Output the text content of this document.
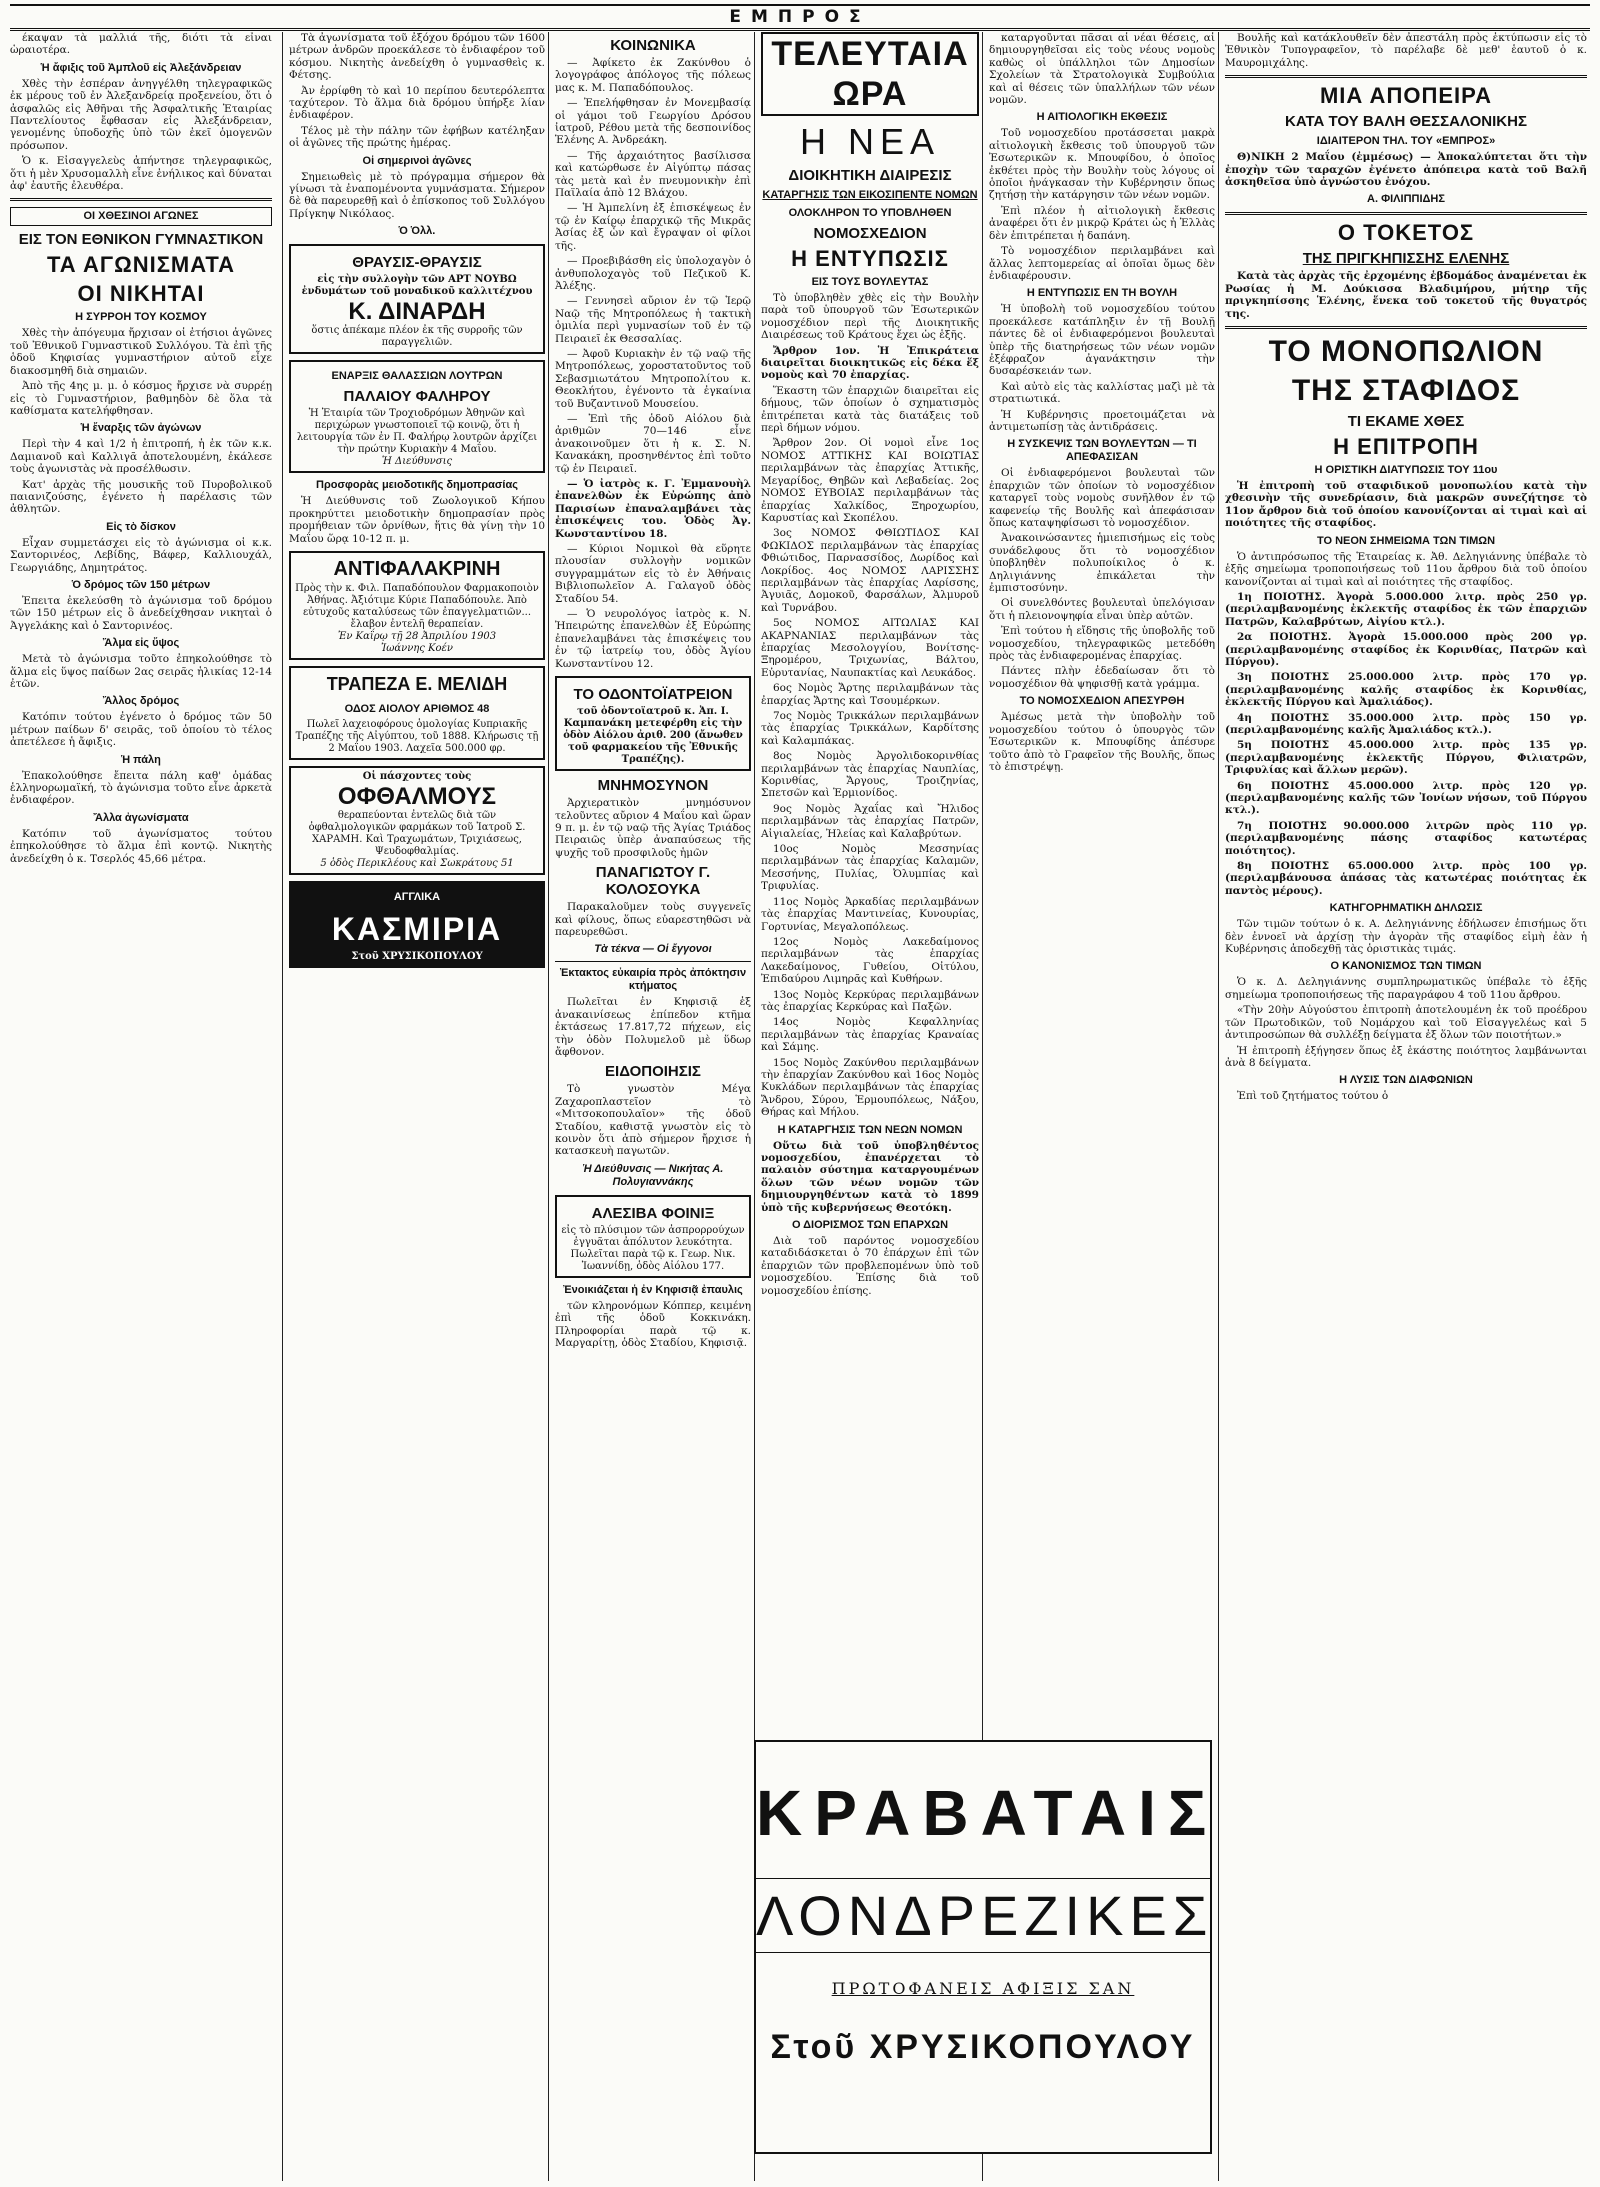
ΕΜΠΡΟΣ

έκαψαν τὰ μαλλιά τῆς, διότι τὰ εἶναι ὡραιοτέρα.

Ἡ ἄφιξις τοῦ Ἀμπλοῦ εἰς Ἀλεξάνδρειαν

Χθὲς τὴν ἑσπέραν ἀνηγγέλθη τηλεγραφικῶς ἐκ μέρους τοῦ ἐν Ἀλεξανδρείᾳ προξενείου, ὅτι ὁ ἀσφαλῶς εἰς Ἀθῆναι τῆς Ἀσφαλτικῆς Ἑταιρίας Παντελίουτος ἔφθασαν εἰς Ἀλεξάνδρειαν, γενομένης ὑποδοχῆς ὑπὸ τῶν ἐκεῖ ὁμογενῶν πρόσωπον.

Ὁ κ. Εἰσαγγελεὺς ἀπήντησε τηλεγραφικῶς, ὅτι ἡ μὲν Χρυσομαλλὴ εἶνε ἐνήλικος καὶ δύναται ἀφ' ἑαυτῆς ἐλευθέρα.

ΟΙ ΧΘΕΣΙΝΟΙ ΑΓΩΝΕΣ
ΕΙΣ ΤΟΝ ΕΘΝΙΚΟΝ ΓΥΜΝΑΣΤΙΚΟΝ
ΤΑ ΑΓΩΝΙΣΜΑΤΑ
ΟΙ ΝΙΚΗΤΑΙ
Η ΣΥΡΡΟΗ ΤΟΥ ΚΟΣΜΟΥ

Χθὲς τὴν ἀπόγευμα ἤρχισαν οἱ ἐτήσιοι ἀγῶνες τοῦ Ἐθνικοῦ Γυμναστικοῦ Συλλόγου. Τὰ ἐπὶ τῆς ὁδοῦ Κηφισίας γυμναστήριον αὐτοῦ εἶχε διακοσμηθῆ διὰ σημαιῶν.

Ἀπὸ τῆς 4ης μ. μ. ὁ κόσμος ἤρχισε νὰ συρρέῃ εἰς τὸ Γυμναστήριον, βαθμηδὸν δὲ ὅλα τὰ καθίσματα κατελήφθησαν.

Ἡ ἔναρξις τῶν ἀγώνων

Περὶ τὴν 4 καὶ 1/2 ἡ ἐπιτροπή, ἡ ἐκ τῶν κ.κ. Δαμιανοῦ καὶ Καλλιγᾶ ἀποτελουμένη, ἐκάλεσε τοὺς ἀγωνιστὰς νὰ προσέλθωσιν.

Κατ' ἀρχὰς τῆς μουσικῆς τοῦ Πυροβολικοῦ παιανιζούσης, ἐγένετο ἡ παρέλασις τῶν ἀθλητῶν.

Εἰς τὸ δίσκον

Εἶχαν συμμετάσχει εἰς τὸ ἀγώνισμα οἱ κ.κ. Σαντορινέος, Λεβίδης, Βάφερ, Καλλιουχάλ, Γεωργιάδης, Δημητράτος.

Ὁ δρόμος τῶν 150 μέτρων

Ἐπειτα ἐκελεύσθη τὸ ἀγώνισμα τοῦ δρόμου τῶν 150 μέτρων εἰς ὃ ἀνεδείχθησαν νικηταὶ ὁ Ἀγγελάκης καὶ ὁ Σαντορινέος.

Ἅλμα εἰς ὕψος

Μετὰ τὸ ἀγώνισμα τοῦτο ἐπηκολούθησε τὸ ἅλμα εἰς ὕψος παίδων 2ας σειρᾶς ἡλικίας 12-14 ἐτῶν.

Ἄλλος δρόμος

Κατόπιν τούτου ἐγένετο ὁ δρόμος τῶν 50 μέτρων παίδων δ' σειρᾶς, τοῦ ὁποίου τὸ τέλος ἀπετέλεσε ἡ ἄφιξις.

Ἡ πάλη

Ἐπακολούθησε ἔπειτα πάλη καθ' ὁμάδας ἑλληνορωμαϊκή, τὸ ἀγώνισμα τοῦτο εἶνε ἀρκετὰ ἐνδιαφέρον.

Ἄλλα ἀγωνίσματα

Κατόπιν τοῦ ἀγωνίσματος τούτου ἐπηκολούθησε τὸ ἅλμα ἐπὶ κοντῷ. Νικητὴς ἀνεδείχθη ὁ κ. Τσερλός 45,66 μέτρα.

Τὰ ἀγωνίσματα τοῦ ἐξόχου δρόμου τῶν 1600 μέτρων ἀνδρῶν προεκάλεσε τὸ ἐνδιαφέρον τοῦ κόσμου. Νικητὴς ἀνεδείχθη ὁ γυμνασθεὶς κ. Φέτσης.

Ἀν ἐρρίφθη τὸ καὶ 10 περίπου δευτερόλεπτα ταχύτερον. Τὸ ἅλμα διὰ δρόμου ὑπήρξε λίαν ἐνδιαφέρον.

Τέλος μὲ τὴν πάλην τῶν ἐφήβων κατέληξαν οἱ ἀγῶνες τῆς πρώτης ἡμέρας.

Οἱ σημερινοὶ ἀγῶνες

Σημειωθεὶς μὲ τὸ πρόγραμμα σήμερον θὰ γίνωσι τὰ ἐναπομένοντα γυμνάσματα. Σήμερον δὲ θὰ παρευρεθῇ καὶ ὁ ἐπίσκοπος τοῦ Συλλόγου Πρίγκηψ Νικόλαος.

Ὁ Ὁλλ.
ΘΡΑΥΣΙΣ-ΘΡΑΥΣΙΣ
εἰς τὴν συλλογὴν τῶν ΑΡΤ ΝΟΥΒΩ ἐνδυμάτων τοῦ μοναδικοῦ καλλιτέχνου
Κ. ΔΙΝΑΡΔΗ
ὅστις ἀπέκαμε πλέον ἐκ τῆς συρροῆς τῶν παραγγελιῶν.
ΕΝΑΡΞΙΣ ΘΑΛΑΣΣΙΩΝ ΛΟΥΤΡΩΝ
ΠΑΛΑΙΟΥ ΦΑΛΗΡΟΥ
Ἡ Ἑταιρία τῶν Τροχιοδρόμων Ἀθηνῶν καὶ περιχώρων γνωστοποιεῖ τῷ κοινῷ, ὅτι ἡ λειτουργία τῶν ἐν Π. Φαλήρῳ λουτρῶν ἀρχίζει τὴν πρώτην Κυριακὴν 4 Μαΐου.
Ἡ Διεύθυνσις
Προσφορὰς μειοδοτικῆς δημοπρασίας

Ἡ Διεύθυνσις τοῦ Ζωολογικοῦ Κήπου προκηρύττει μειοδοτικὴν δημοπρασίαν πρὸς προμήθειαν τῶν ὀρνίθων, ἥτις θὰ γίνῃ τὴν 10 Μαΐου ὥρᾳ 10-12 π. μ.

ΑΝΤΙΦΑΛΑΚΡΙΝΗ
Πρὸς τὴν κ. Φιλ. Παπαδόπουλον Φαρμακοποιὸν Ἀθήνας. Ἀξιότιμε Κύριε Παπαδόπουλε. Ἀπὸ εὐτυχοῦς καταλύσεως τῶν ἐπαγγελματιῶν... ἔλαβον ἐντελῆ θεραπείαν.
Ἐν Καΐρῳ τῇ 28 Ἀπριλίου 1903
Ἰωάννης Κοέν
ΤΡΑΠΕΖΑ Ε. ΜΕΛΙΔΗ
ΟΔΟΣ ΑΙΟΛΟΥ ΑΡΙΘΜΟΣ 48
Πωλεῖ λαχειοφόρους ὁμολογίας Κυπριακῆς Τραπέζης τῆς Αἰγύπτου, τοῦ 1888. Κλήρωσις τῇ 2 Μαΐου 1903. Λαχεῖα 500.000 φρ.
Οἱ πάσχοντες τοὺς
ΟΦΘΑΛΜΟΥΣ
θεραπεύονται ἐντελῶς διὰ τῶν ὀφθαλμολογικῶν φαρμάκων τοῦ Ἰατροῦ Σ. ΧΑΡΑΜΗ. Καὶ Τραχωμάτων, Τριχιάσεως, Ψευδοφθαλμίας.
5 ὁδὸς Περικλέους καὶ Σωκράτους 51
ΑΓΓΛΙΚΑ
ΚΑΣΜΙΡΙΑ
Στοῦ ΧΡΥΣΙΚΟΠΟΥΛΟΥ
ΚΟΙΝΩΝΙΚΑ

— Ἀφίκετο ἐκ Ζακύνθου ὁ λογογράφος ἀπόλογος τῆς πόλεως μας κ. Μ. Παπαδόπουλος.

— Ἐπελήφθησαν ἐν Μονεμβασίᾳ οἱ γάμοι τοῦ Γεωργίου Δρόσου ἰατροῦ, Ρέθου μετὰ τῆς δεσποινίδος Ἑλένης Α. Ἀνδρεάκη.

— Τῆς ἀρχαιότητος βασίλισσα καὶ κατώρθωσε ἐν Αἰγύπτῳ πάσας τὰς μετὰ καὶ ἐν πνευμονικὴν ἐπὶ Παϊλαία ἀπὸ 12 Βλάχου.

— Ἡ Ἀμπελίνη ἐξ ἐπισκέψεως ἐν τῷ ἐν Καίρῳ ἐπαρχικῷ τῆς Μικρᾶς Ἀσίας ἐξ ὧν καὶ ἔγραψαν οἱ φίλοι τῆς.

— Προεβιβάσθη εἰς ὑπολοχαγὸν ὁ ἀνθυπολοχαγὸς τοῦ Πεζικοῦ Κ. Ἀλέξης.

— Γεννησεὶ αὔριον ἐν τῷ Ἱερῷ Ναῷ τῆς Μητροπόλεως ἡ τακτικὴ ὁμιλία περὶ γυμνασίων τοῦ ἐν τῷ Πειραιεῖ ἐκ Θεσσαλίας.

— Ἀφοῦ Κυριακὴν ἐν τῷ ναῷ τῆς Μητροπόλεως, χοροστατοῦντος τοῦ Σεβασμιωτάτου Μητροπολίτου κ. Θεοκλήτου, ἐγένοντο τὰ ἐγκαίνια τοῦ Βυζαντινοῦ Μουσείου.

— Ἐπὶ τῆς ὁδοῦ Αἰόλου διὰ ἀριθμῶν 70—146 εἶνε ἀνακοινοῦμεν ὅτι ἡ κ. Σ. Ν. Κανακάκη, προσηνθέντος ἐπὶ τοῦτο τῷ ἐν Πειραιεῖ.

— Ὁ ἰατρὸς κ. Γ. Ἐμμανουὴλ ἐπανελθὼν ἐκ Εὐρώπης ἀπὸ Παρισίων ἐπαναλαμβάνει τὰς ἐπισκέψεις του. Ὁδὸς Ἀγ. Κωνσταντίνου 18.

— Κύριοι Νομικοὶ θὰ εὕρητε πλουσίαν συλλογὴν νομικῶν συγγραμμάτων εἰς τὸ ἐν Ἀθήναις Βιβλιοπωλεῖον Α. Γαλαγοῦ ὁδὸς Σταδίου 54.

— Ὁ νευρολόγος ἰατρὸς κ. Ν. Ἠπειρώτης ἐπανελθὼν ἐξ Εὐρώπης ἐπανελαμβάνει τὰς ἐπισκέψεις του ἐν τῷ ἰατρείῳ του, ὁδὸς Ἁγίου Κωνσταντίνου 12.

ΤΟ ΟΔΟΝΤΟΪΑΤΡΕΙΟΝ
τοῦ ὀδοντοϊατροῦ κ. Ἀπ. Ι. Καμπανάκη μετεφέρθη εἰς τὴν ὁδὸν Αἰόλου ἀριθ. 200 (ἄνωθεν τοῦ φαρμακείου τῆς Ἐθνικῆς Τραπέζης).
ΜΝΗΜΟΣΥΝΟΝ

Ἀρχιερατικὸν μνημόσυνον τελοῦντες αὔριον 4 Μαΐου καὶ ὥραν 9 π. μ. ἐν τῷ ναῷ τῆς Ἁγίας Τριάδος Πειραιῶς ὑπὲρ ἀναπαύσεως τῆς ψυχῆς τοῦ προσφιλοῦς ἡμῶν

ΠΑΝΑΓΙΩΤΟΥ Γ. ΚΟΛΟΣΟΥΚΑ

Παρακαλοῦμεν τοὺς συγγενεῖς καὶ φίλους, ὅπως εὐαρεστηθῶσι νὰ παρευρεθῶσι.

Τὰ τέκνα — Οἱ ἔγγονοι
Ἐκτακτος εὐκαιρία πρὸς ἀπόκτησιν κτήματος

Πωλεῖται ἐν Κηφισιᾷ ἐξ ἀνακαινίσεως ἐπίπεδον κτῆμα ἐκτάσεως 17.817,72 πήχεων, εἰς τὴν ὁδὸν Πολυμελοῦ μὲ ὕδωρ ἄφθονον.

ΕΙΔΟΠΟΙΗΣΙΣ

Τὸ γνωστὸν Μέγα Ζαχαροπλαστεῖον τὸ «Μιτσοκοπουλαῖον» τῆς ὁδοῦ Σταδίου, καθιστᾷ γνωστὸν εἰς τὸ κοινὸν ὅτι ἀπὸ σήμερον ἤρχισε ἡ κατασκευὴ παγωτῶν.

Ἡ Διεύθυνσις — Νικήτας Α. Πολυγιαννάκης
ΑΛΕΣΙΒΑ ΦΟΙΝΙΞ
εἰς τὸ πλύσιμον τῶν ἀσπρορρούχων ἐγγυᾶται ἀπόλυτον λευκότητα. Πωλεῖται παρὰ τῷ κ. Γεωρ. Νικ. Ἰωαννίδῃ, ὁδὸς Αἰόλου 177.
Ἐνοικιάζεται ἡ ἐν Κηφισιᾷ ἐπαυλις

τῶν κληρονόμων Κόππερ, κειμένη ἐπὶ τῆς ὁδοῦ Κοκκινάκη. Πληροφορίαι παρὰ τῷ κ. Μαργαρίτῃ, ὁδὸς Σταδίου, Κηφισιᾷ.

ΤΕΛΕΥΤΑΙΑ ΩΡΑ
Η ΝΕΑ
ΔΙΟΙΚΗΤΙΚΗ ΔΙΑΙΡΕΣΙΣ
ΚΑΤΑΡΓΗΣΙΣ ΤΩΝ ΕΙΚΟΣΙΠΕΝΤΕ ΝΟΜΩΝ
ΟΛΟΚΛΗΡΟΝ ΤΟ ΥΠΟΒΛΗΘΕΝ
ΝΟΜΟΣΧΕΔΙΟΝ
Η ΕΝΤΥΠΩΣΙΣ
ΕΙΣ ΤΟΥΣ ΒΟΥΛΕΥΤΑΣ

Τὸ ὑποβληθὲν χθὲς εἰς τὴν Βουλὴν παρὰ τοῦ ὑπουργοῦ τῶν Ἐσωτερικῶν νομοσχέδιον περὶ τῆς Διοικητικῆς Διαιρέσεως τοῦ Κράτους ἔχει ὡς ἑξῆς.

Ἄρθρον 1ον. Ἡ Ἐπικράτεια διαιρεῖται διοικητικῶς εἰς δέκα ἕξ νομοὺς καὶ 70 ἐπαρχίας.

Ἕκαστη τῶν ἐπαρχιῶν διαιρεῖται εἰς δήμους, τῶν ὁποίων ὁ σχηματισμὸς ἐπιτρέπεται κατὰ τὰς διατάξεις τοῦ περὶ δήμων νόμου.

Ἄρθρον 2ον. Οἱ νομοὶ εἶνε 1ος ΝΟΜΟΣ ΑΤΤΙΚΗΣ ΚΑΙ ΒΟΙΩΤΙΑΣ περιλαμβάνων τὰς ἐπαρχίας Ἀττικῆς, Μεγαρίδος, Θηβῶν καὶ Λεβαδείας. 2ος ΝΟΜΟΣ ΕΥΒΟΙΑΣ περιλαμβάνων τὰς ἐπαρχίας Χαλκίδος, Ξηροχωρίου, Καρυστίας καὶ Σκοπέλου.

3ος ΝΟΜΟΣ ΦΘΙΩΤΙΔΟΣ ΚΑΙ ΦΩΚΙΔΟΣ περιλαμβάνων τὰς ἐπαρχίας Φθιώτιδος, Παρνασσίδος, Δωρίδος καὶ Λοκρίδος. 4ος ΝΟΜΟΣ ΛΑΡΙΣΣΗΣ περιλαμβάνων τὰς ἐπαρχίας Λαρίσσης, Ἀγυιᾶς, Δομοκοῦ, Φαρσάλων, Ἀλμυροῦ καὶ Τυρνάβου.

5ος ΝΟΜΟΣ ΑΙΤΩΛΙΑΣ ΚΑΙ ΑΚΑΡΝΑΝΙΑΣ περιλαμβάνων τὰς ἐπαρχίας Μεσολογγίου, Βονίτσης-Ξηρομέρου, Τριχωνίας, Βάλτου, Εὐρυτανίας, Ναυπακτίας καὶ Λευκάδος.

6ος Νομὸς Ἄρτης περιλαμβάνων τὰς ἐπαρχίας Ἄρτης καὶ Τσουμέρκων.

7ος Νομὸς Τρικκάλων περιλαμβάνων τὰς ἐπαρχίας Τρικκάλων, Καρδίτσης καὶ Καλαμπάκας.

8ος Νομὸς Ἀργολιδοκορινθίας περιλαμβάνων τὰς ἐπαρχίας Ναυπλίας, Κορινθίας, Ἄργους, Τροιζηνίας, Σπετσῶν καὶ Ἑρμιονίδος.

9ος Νομὸς Ἀχαΐας καὶ Ἤλιδος περιλαμβάνων τὰς ἐπαρχίας Πατρῶν, Αἰγιαλείας, Ἠλείας καὶ Καλαβρύτων.

10ος Νομὸς Μεσσηνίας περιλαμβάνων τὰς ἐπαρχίας Καλαμῶν, Μεσσήνης, Πυλίας, Ὀλυμπίας καὶ Τριφυλίας.

11ος Νομὸς Ἀρκαδίας περιλαμβάνων τὰς ἐπαρχίας Μαντινείας, Κυνουρίας, Γορτυνίας, Μεγαλοπόλεως.

12ος Νομὸς Λακεδαίμονος περιλαμβάνων τὰς ἐπαρχίας Λακεδαίμονος, Γυθείου, Οἰτύλου, Ἐπιδαύρου Λιμηρᾶς καὶ Κυθήρων.

13ος Νομὸς Κερκύρας περιλαμβάνων τὰς ἐπαρχίας Κερκύρας καὶ Παξῶν.

14ος Νομὸς Κεφαλληνίας περιλαμβάνων τὰς ἐπαρχίας Κραναίας καὶ Σάμης.

15ος Νομὸς Ζακύνθου περιλαμβάνων τὴν ἐπαρχίαν Ζακύνθου καὶ 16ος Νομὸς Κυκλάδων περιλαμβάνων τὰς ἐπαρχίας Ἄνδρου, Σύρου, Ἑρμουπόλεως, Νάξου, Θήρας καὶ Μήλου.

Η ΚΑΤΑΡΓΗΣΙΣ ΤΩΝ ΝΕΩΝ ΝΟΜΩΝ

Οὕτω διὰ τοῦ ὑποβληθέντος νομοσχεδίου, ἐπανέρχεται τὸ παλαιὸν σύστημα καταργουμένων ὅλων τῶν νέων νομῶν τῶν δημιουργηθέντων κατὰ τὸ 1899 ὑπὸ τῆς κυβερνήσεως Θεοτόκη.

Ο ΔΙΟΡΙΣΜΟΣ ΤΩΝ ΕΠΑΡΧΩΝ

Διὰ τοῦ παρόντος νομοσχεδίου καταδιδάσκεται ὁ 70 ἐπάρχων ἐπὶ τῶν ἐπαρχιῶν τῶν προβλεπομένων ὑπὸ τοῦ νομοσχεδίου. Ἐπίσης διὰ τοῦ νομοσχεδίου ἐπίσης.

καταργοῦνται πᾶσαι αἱ νέαι θέσεις, αἱ δημιουργηθεῖσαι εἰς τοὺς νέους νομοὺς καθὼς οἱ ὑπάλληλοι τῶν Δημοσίων Σχολείων τὰ Στρατολογικὰ Συμβούλια καὶ αἱ θέσεις τῶν ὑπαλλήλων τῶν νέων νομῶν.

Η ΑΙΤΙΟΛΟΓΙΚΗ ΕΚΘΕΣΙΣ

Τοῦ νομοσχεδίου προτάσσεται μακρὰ αἰτιολογικὴ ἔκθεσις τοῦ ὑπουργοῦ τῶν Ἐσωτερικῶν κ. Μπουφίδου, ὁ ὁποῖος ἐκθέτει πρὸς τὴν Βουλὴν τοὺς λόγους οἱ ὁποῖοι ἠνάγκασαν τὴν Κυβέρνησιν ὅπως ζητήσῃ τὴν κατάργησιν τῶν νέων νομῶν.

Ἐπὶ πλέον ἡ αἰτιολογικὴ ἔκθεσις ἀναφέρει ὅτι ἐν μικρῷ Κράτει ὡς ἡ Ἑλλὰς δὲν ἐπιτρέπεται ἡ δαπάνη.

Τὸ νομοσχέδιον περιλαμβάνει καὶ ἄλλας λεπτομερείας αἱ ὁποῖαι ὅμως δὲν ἐνδιαφέρουσιν.

Η ΕΝΤΥΠΩΣΙΣ ΕΝ ΤΗ ΒΟΥΛΗ

Ἡ ὑποβολὴ τοῦ νομοσχεδίου τούτου προεκάλεσε κατάπληξιν ἐν τῇ Βουλῇ πάντες δὲ οἱ ἐνδιαφερόμενοι βουλευταὶ ὑπὲρ τῆς διατηρήσεως τῶν νέων νομῶν ἐξέφραζον ἀγανάκτησιν τὴν δυσαρέσκειάν των.

Καὶ αὐτὸ εἰς τὰς καλλίστας μαζὶ μὲ τὰ στρατιωτικά.

Ἡ Κυβέρνησις προετοιμάζεται νὰ ἀντιμετωπίσῃ τὰς ἀντιδράσεις.

Η ΣΥΣΚΕΨΙΣ ΤΩΝ ΒΟΥΛΕΥΤΩΝ — ΤΙ ΑΠΕΦΑΣΙΣΑΝ

Οἱ ἐνδιαφερόμενοι βουλευταὶ τῶν ἐπαρχιῶν τῶν ὁποίων τὸ νομοσχέδιον καταργεῖ τοὺς νομοὺς συνῆλθον ἐν τῷ καφενείῳ τῆς Βουλῆς καὶ ἀπεφάσισαν ὅπως καταψηφίσωσι τὸ νομοσχέδιον.

Ἀνακοινώσαντες ἡμιεπισήμως εἰς τοὺς συνάδελφους ὅτι τὸ νομοσχέδιον ὑποβληθὲν πολυποίκιλος ὁ κ. Δηλιγιάννης ἐπικάλεται τὴν ἐμπιστοσύνην.

Οἱ συνελθόντες βουλευταὶ ὑπελόγισαν ὅτι ἡ πλειονοψηφία εἶναι ὑπὲρ αὐτῶν.

Ἐπὶ τούτου ἡ εἴδησις τῆς ὑποβολῆς τοῦ νομοσχεδίου, τηλεγραφικῶς μετεδόθη πρὸς τὰς ἐνδιαφερομένας ἐπαρχίας.

Πάντες πλὴν ἐδεδαίωσαν ὅτι τὸ νομοσχέδιον θὰ ψηφισθῇ κατὰ γράμμα.

ΤΟ ΝΟΜΟΣΧΕΔΙΟΝ ΑΠΕΣΥΡΘΗ

Ἀμέσως μετὰ τὴν ὑποβολὴν τοῦ νομοσχεδίου τούτου ὁ ὑπουργὸς τῶν Ἐσωτερικῶν κ. Μπουφίδης ἀπέσυρε τοῦτο ἀπὸ τὸ Γραφεῖον τῆς Βουλῆς, ὅπως τὸ ἐπιστρέψῃ.

Βουλῆς καὶ κατάκλουθεῖν δὲν ἀπεστάλη πρὸς ἐκτύπωσιν εἰς τὸ Ἐθνικὸν Τυπογραφεῖον, τὸ παρέλαβε δὲ μεθ' ἑαυτοῦ ὁ κ. Μαυρομιχάλης.

ΜΙΑ ΑΠΟΠΕΙΡΑ
ΚΑΤΑ ΤΟΥ ΒΑΛΗ ΘΕΣΣΑΛΟΝΙΚΗΣ
ΙΔΙΑΙΤΕΡΟΝ ΤΗΛ. ΤΟΥ «ΕΜΠΡΟΣ»

Θ)ΝΙΚΗ 2 Μαΐου (ἐμμέσως) — Ἀποκαλύπτεται ὅτι τὴν ἐποχὴν τῶν ταραχῶν ἐγένετο ἀπόπειρα κατὰ τοῦ Βαλῆ ἀσκηθεῖσα ὑπὸ ἀγνώστου ἐνόχου.

Α. ΦΙΛΙΠΠΙΔΗΣ
Ο ΤΟΚΕΤΟΣ
ΤΗΣ ΠΡΙΓΚΗΠΙΣΣΗΣ ΕΛΕΝΗΣ

Κατὰ τὰς ἀρχὰς τῆς ἐρχομένης ἑβδομάδος ἀναμένεται ἐκ Ρωσίας ἡ Μ. Δούκισσα Βλαδιμήρου, μήτηρ τῆς πριγκηπίσσης Ἑλένης, ἕνεκα τοῦ τοκετοῦ τῆς θυγατρός της.

ΤΟ ΜΟΝΟΠΩΛΙΟΝ
ΤΗΣ ΣΤΑΦΙΔΟΣ
ΤΙ ΕΚΑΜΕ ΧΘΕΣ
Η ΕΠΙΤΡΟΠΗ
Η ΟΡΙΣΤΙΚΗ ΔΙΑΤΥΠΩΣΙΣ ΤΟΥ 11ου

Ἡ ἐπιτροπὴ τοῦ σταφιδικοῦ μονοπωλίου κατὰ τὴν χθεσινὴν τῆς συνεδρίασιν, διὰ μακρῶν συνεζήτησε τὸ 11ον ἄρθρον διὰ τοῦ ὁποίου κανονίζονται αἱ τιμαὶ καὶ αἱ ποιότητες τῆς σταφίδος.

ΤΟ ΝΕΟΝ ΣΗΜΕΙΩΜΑ ΤΩΝ ΤΙΜΩΝ

Ὁ ἀντιπρόσωπος τῆς Ἑταιρείας κ. Ἀθ. Δεληγιάννης ὑπέβαλε τὸ ἑξῆς σημείωμα τροποποιήσεως τοῦ 11ου ἄρθρου διὰ τοῦ ὁποίου κανονίζονται αἱ τιμαὶ καὶ αἱ ποιότητες τῆς σταφίδος.

1η ΠΟΙΟΤΗΣ. Ἀγορὰ 5.000.000 λιτρ. πρὸς 250 γρ. (περιλαμβανομένης ἐκλεκτῆς σταφίδος ἐκ τῶν ἐπαρχιῶν Πατρῶν, Καλαβρύτων, Αἰγίου κτλ.).

2α ΠΟΙΟΤΗΣ. Ἀγορὰ 15.000.000 πρὸς 200 γρ. (περιλαμβανομένης σταφίδος ἐκ Κορινθίας, Πατρῶν καὶ Πύργου).

3η ΠΟΙΟΤΗΣ 25.000.000 λιτρ. πρὸς 170 γρ. (περιλαμβανομένης καλῆς σταφίδος ἐκ Κορινθίας, ἐκλεκτῆς Πύργου καὶ Ἀμαλιάδος).

4η ΠΟΙΟΤΗΣ 35.000.000 λιτρ. πρὸς 150 γρ. (περιλαμβανομένης καλῆς Ἀμαλιάδος κτλ.).

5η ΠΟΙΟΤΗΣ 45.000.000 λιτρ. πρὸς 135 γρ. (περιλαμβανομένης ἐκλεκτῆς Πύργου, Φιλιατρῶν, Τριφυλίας καὶ ἄλλων μερῶν).

6η ΠΟΙΟΤΗΣ 45.000.000 λιτρ. πρὸς 120 γρ. (περιλαμβανομένης καλῆς τῶν Ἰονίων νήσων, τοῦ Πύργου κτλ.).

7η ΠΟΙΟΤΗΣ 90.000.000 λιτρῶν πρὸς 110 γρ. (περιλαμβανομένης πάσης σταφίδος κατωτέρας ποιότητος).

8η ΠΟΙΟΤΗΣ 65.000.000 λιτρ. πρὸς 100 γρ. (περιλαμβάνουσα ἁπάσας τὰς κατωτέρας ποιότητας ἐκ παντὸς μέρους).

ΚΑΤΗΓΟΡΗΜΑΤΙΚΗ ΔΗΛΩΣΙΣ

Τῶν τιμῶν τούτων ὁ κ. Α. Δεληγιάννης ἐδήλωσεν ἐπισήμως ὅτι δὲν ἐννοεῖ νὰ ἀρχίσῃ τὴν ἀγορὰν τῆς σταφίδος εἰμὴ ἐὰν ἡ Κυβέρνησις ἀποδεχθῇ τὰς ὁριστικὰς τιμάς.

Ο ΚΑΝΟΝΙΣΜΟΣ ΤΩΝ ΤΙΜΩΝ

Ὁ κ. Δ. Δεληγιάννης συμπληρωματικῶς ὑπέβαλε τὸ ἑξῆς σημείωμα τροποποιήσεως τῆς παραγράφου 4 τοῦ 11ου ἄρθρου.

«Τὴν 20ὴν Αὐγούστου ἐπιτροπὴ ἀποτελουμένη ἐκ τοῦ προέδρου τῶν Πρωτοδικῶν, τοῦ Νομάρχου καὶ τοῦ Εἰσαγγελέως καὶ 5 ἀντιπροσώπων θὰ συλλέξῃ δείγματα ἐξ ὅλων τῶν ποιοτήτων.»

Ἡ ἐπιτροπὴ ἐξήγησεν ὅπως ἐξ ἑκάστης ποιότητος λαμβάνωνται ἀνὰ 8 δείγματα.

Η ΛΥΣΙΣ ΤΩΝ ΔΙΑΦΩΝΙΩΝ

Ἐπὶ τοῦ ζητήματος τούτου ὁ

ΚΡΑΒΑΤΑΙΣ
ΛΟΝΔΡΕΖΙΚΕΣ
ΠΡΩΤΟΦΑΝΕΙΣ ΑΦΙΞΙΣ ΣΑΝ
Στοῦ ΧΡΥΣΙΚΟΠΟΥΛΟΥ
